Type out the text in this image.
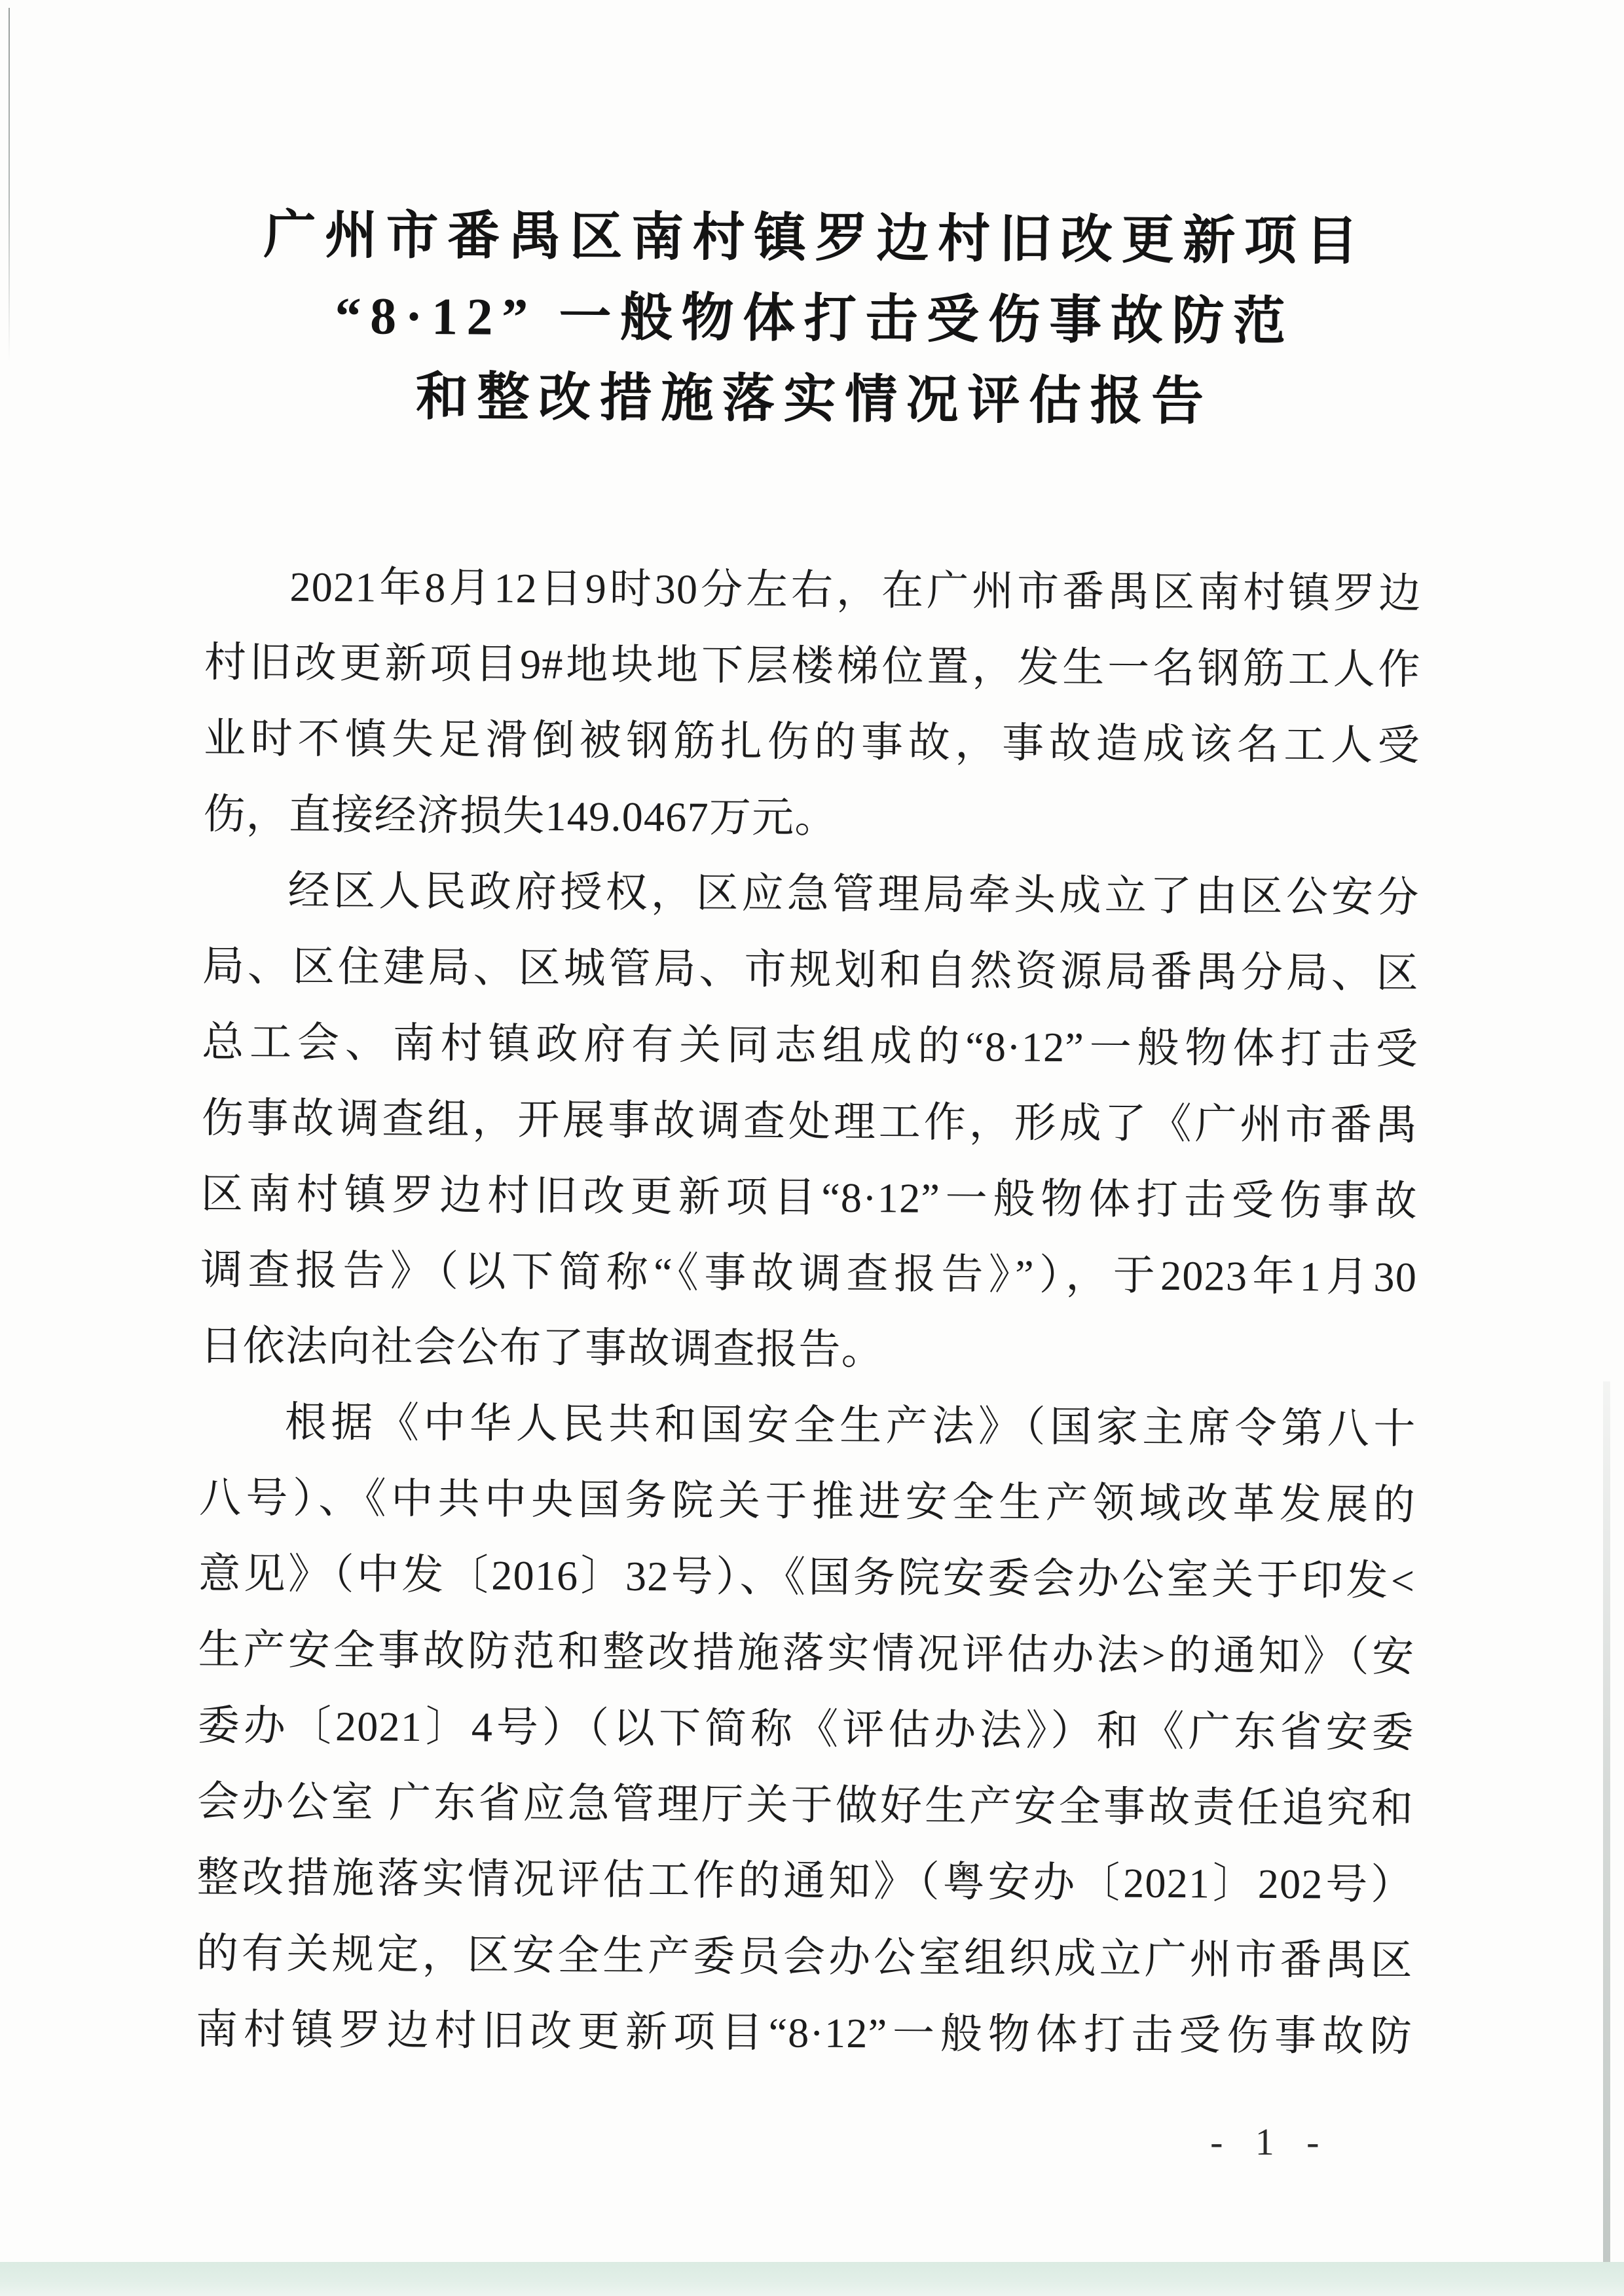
广州市番禺区南村镇罗边村旧改更新项目
“8·12” 一般物体打击受伤事故防范
和整改措施落实情况评估报告
2021年8月12日9时30分左右，在广州市番禺区南村镇罗边
村旧改更新项目9#地块地下层楼梯位置，发生一名钢筋工人作
业时不慎失足滑倒被钢筋扎伤的事故，事故造成该名工人受
伤，直接经济损失149.0467万元。
经区人民政府授权，区应急管理局牵头成立了由区公安分
局、区住建局、区城管局、市规划和自然资源局番禺分局、区
总工会、南村镇政府有关同志组成的“8·12”一般物体打击受
伤事故调查组，开展事故调查处理工作，形成了《广州市番禺
区南村镇罗边村旧改更新项目“8·12”一般物体打击受伤事故
调查报告》（以下简称“《事故调查报告》”），于2023年1月30
日依法向社会公布了事故调查报告。
根据《中华人民共和国安全生产法》（国家主席令第八十
八号）、《中共中央国务院关于推进安全生产领域改革发展的
意见》（中发〔2016〕32号）、《国务院安委会办公室关于印发<
生产安全事故防范和整改措施落实情况评估办法>的通知》（安
委办〔2021〕4号）（以下简称《评估办法》）和《广东省安委
会办公室 广东省应急管理厅关于做好生产安全事故责任追究和
整改措施落实情况评估工作的通知》（粤安办〔2021〕202号）
的有关规定，区安全生产委员会办公室组织成立广州市番禺区
南村镇罗边村旧改更新项目“8·12”一般物体打击受伤事故防
- 1 -
